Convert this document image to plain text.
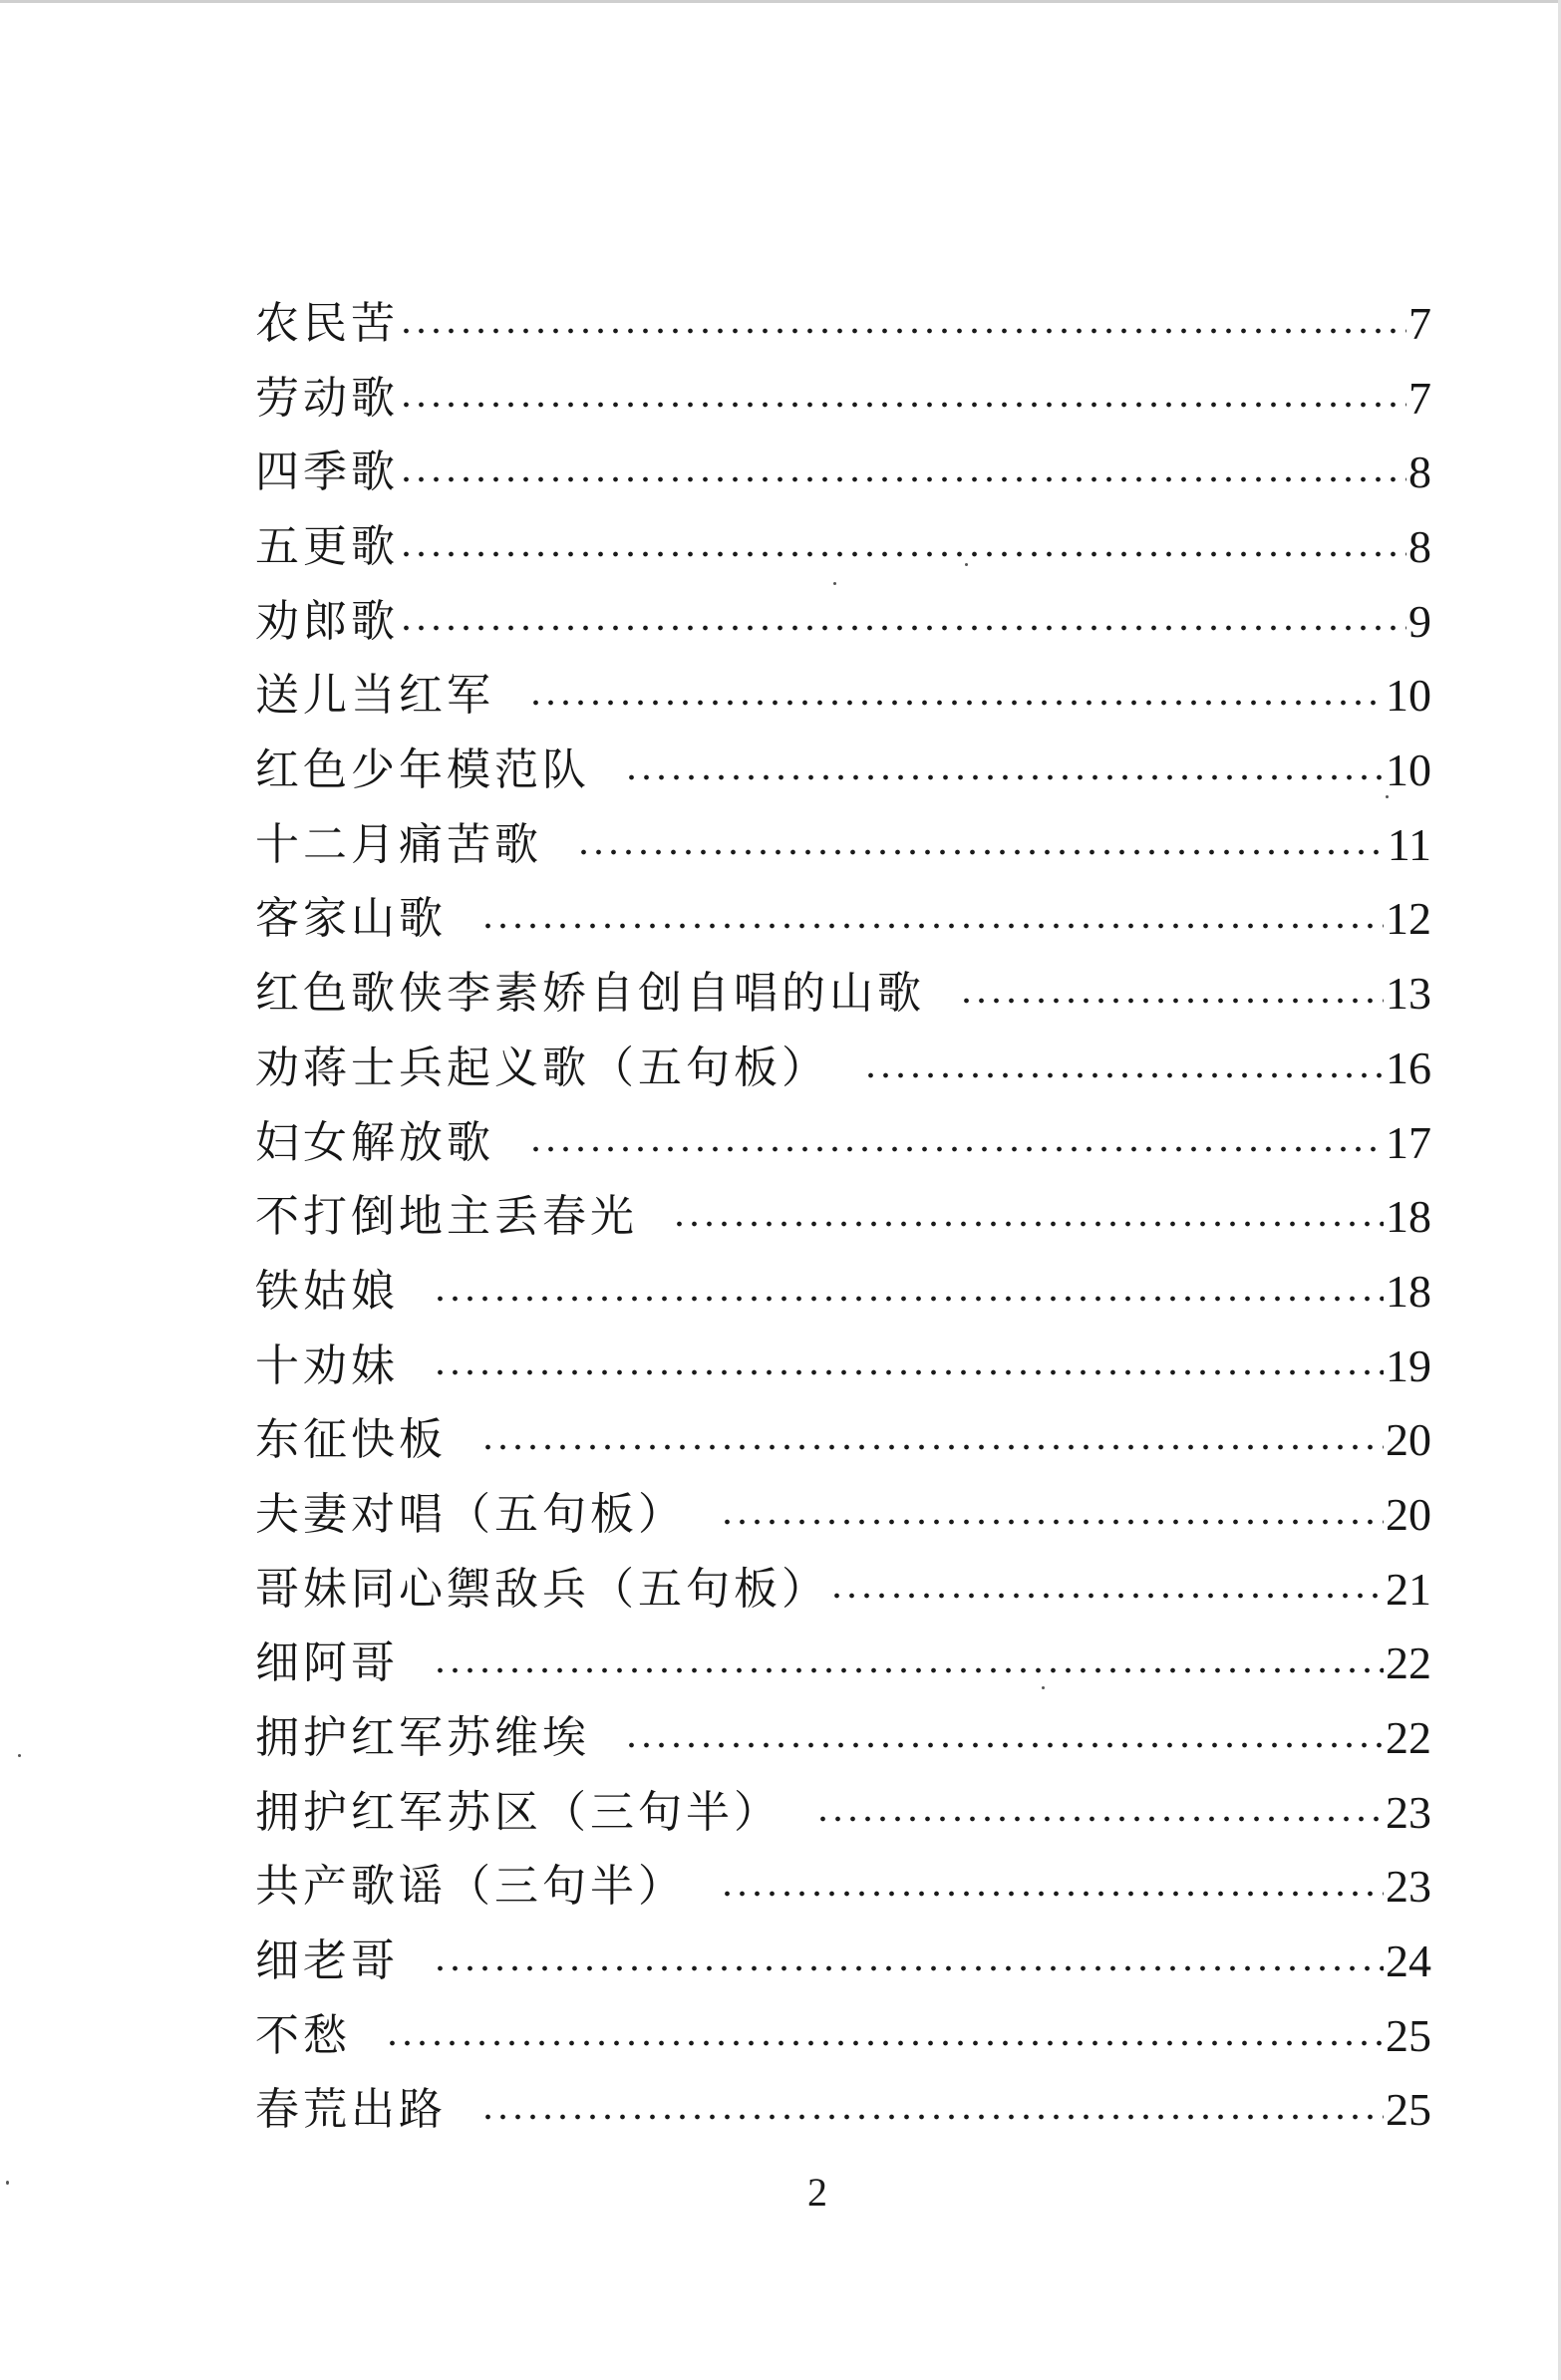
农民苦	7
劳动歌	7
四季歌	8
五更歌	8
劝郎歌	9
送儿当红军	10
红色少年模范队	10
十二月痛苦歌	11
客家山歌	12
红色歌侠李素娇自创自唱的山歌	13
劝蒋士兵起义歌（五句板）	16
妇女解放歌	17
不打倒地主丢春光	18
铁姑娘	18
十劝妹	19
东征快板	20
夫妻对唱（五句板）	20
哥妹同心禦敌兵（五句板）	21
细阿哥	22
拥护红军苏维埃	22
拥护红军苏区（三句半）	23
共产歌谣（三句半）	23
细老哥	24
不愁	25
春荒出路	25
2
